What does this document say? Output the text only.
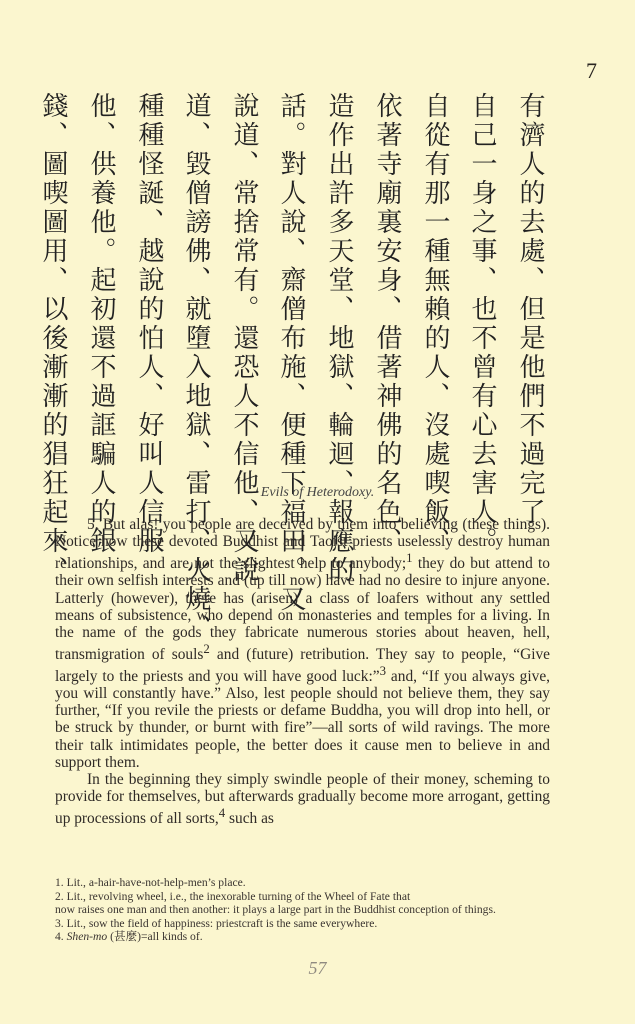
7
有濟人的去處、但是他們不過完了
自己一身之事、也不曾有心去害人。
自從有那一種無賴的人、沒處喫飯、
依著寺廟裏安身、借著神佛的名色、
造作出許多天堂、地獄、輪迴、報應的
話。對人說、齋僧布施、便種下福田。又
說道、常捨常有。還恐人不信他、又說
道、毀僧謗佛、就墮入地獄、雷打、火燒、
種種怪誕、越說的怕人、好叫人信服
他、供養他。起初還不過誆騙人的銀
錢、圖喫圖用、以後漸漸的猖狂起來、	Evils of Heterodoxy.

5. But alas! you people are deceived by them into believing (these things). Notice how these devoted Buddhist and Taoist priests uselessly destroy human relationships, and are not the slightest help to anybody;$^1$ they do but attend to their own selfish interests and (up till now) have had no desire to injure anyone. Latterly (however), there has (arisen) a class of loafers without any settled means of subsistence, who depend on monasteries and temples for a living. In the name of the gods they fabricate numerous stories about heaven, hell, transmigration of souls$^2$ and (future) retribution. They say to people, “Give largely to the priests and you will have good luck:”$^3$ and, “If you always give, you will constantly have.” Also, lest people should not believe them, they say further, “If you revile the priests or defame Buddha, you will drop into hell, or be struck by thunder, or burnt with fire”—all sorts of wild ravings. The more their talk intimidates people, the better does it cause men to believe in and support them.

In the beginning they simply swindle people of their money, scheming to provide for themselves, but afterwards gradually become more arrogant, getting up processions of all sorts,$^4$ such as

1. Lit., a-hair-have-not-help-men’s place.
2. Lit., revolving wheel, i.e., the inexorable turning of the Wheel of Fate that
now raises one man and then another: it plays a large part in the Buddhist conception of things.
3. Lit., sow the field of happiness: priestcraft is the same everywhere.
4. Shen-mo (甚麼)=all kinds of.
57
